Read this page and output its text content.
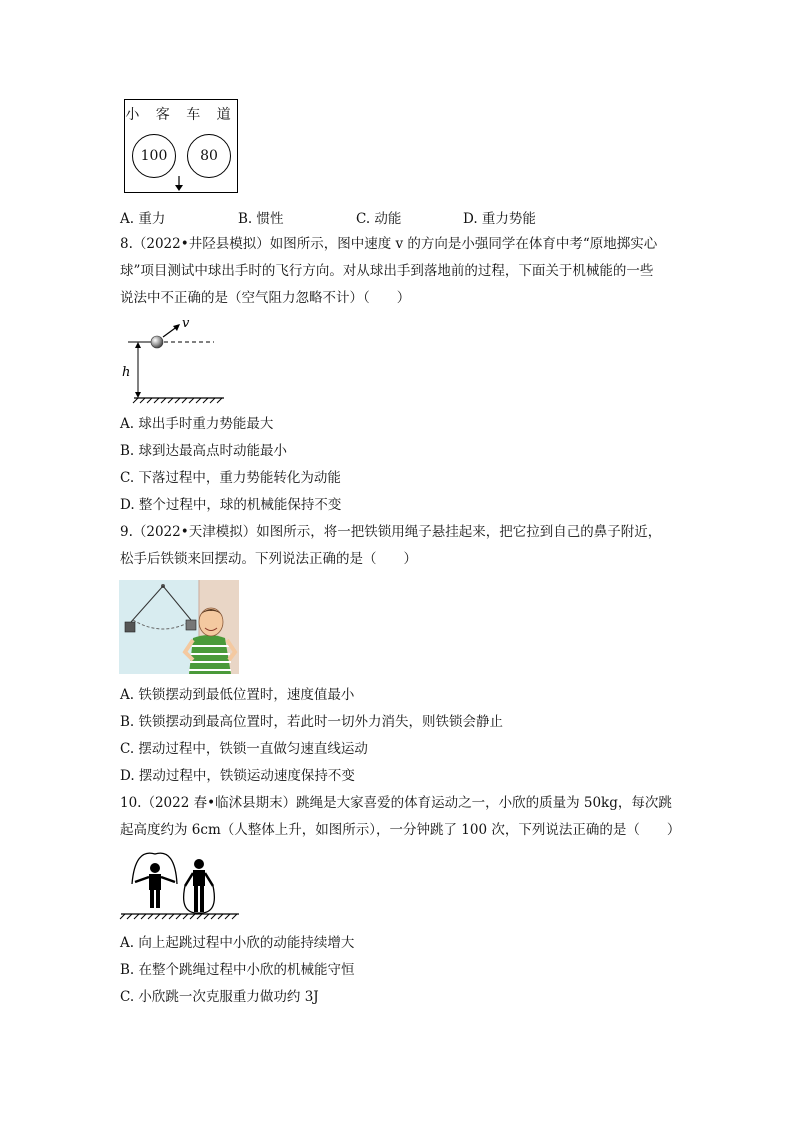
小 客 车 道
100 80
A. 重力	B. 惯性	C. 动能	D. 重力势能
8.（2022•井陉县模拟）如图所示，图中速度 v 的方向是小强同学在体育中考“原地掷实心
球”项目测试中球出手时的飞行方向。对从球出手到落地前的过程，下面关于机械能的一些
说法中不正确的是（空气阻力忽略不计）（　　）
v
h
A. 球出手时重力势能最大
B. 球到达最高点时动能最小
C. 下落过程中，重力势能转化为动能
D. 整个过程中，球的机械能保持不变
9.（2022•天津模拟）如图所示，将一把铁锁用绳子悬挂起来，把它拉到自己的鼻子附近，
松手后铁锁来回摆动。下列说法正确的是（　　）
A. 铁锁摆动到最低位置时，速度值最小
B. 铁锁摆动到最高位置时，若此时一切外力消失，则铁锁会静止
C. 摆动过程中，铁锁一直做匀速直线运动
D. 摆动过程中，铁锁运动速度保持不变
10.（2022 春•临沭县期末）跳绳是大家喜爱的体育运动之一，小欣的质量为 50kg，每次跳
起高度约为 6cm（人整体上升，如图所示），一分钟跳了 100 次，下列说法正确的是（　　）
A. 向上起跳过程中小欣的动能持续增大
B. 在整个跳绳过程中小欣的机械能守恒
C. 小欣跳一次克服重力做功约 3J
